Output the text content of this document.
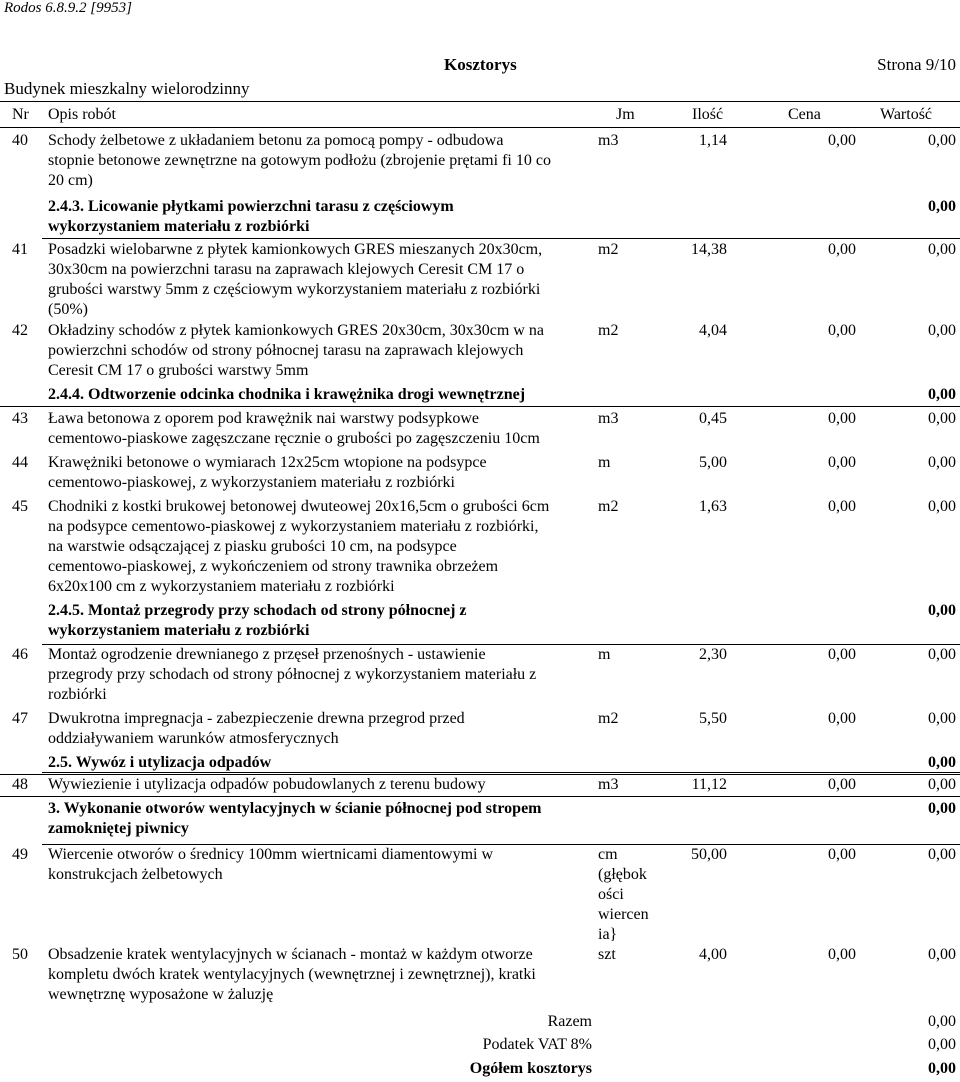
Rodos 6.8.9.2 [9953]
Kosztorys	Strona 9/10
Budynek mieszkalny wielorodzinny
Nr Opis robót	Jm	Ilość	Cena	Wartość
40	Schody żelbetowe z układaniem betonu za pomocą pompy - odbudowa
stopnie betonowe zewnętrzne na gotowym podłożu (zbrojenie prętami fi 10 co
20 cm)
m3	1,14	0,00	0,00
2.4.3. Licowanie płytkami powierzchni tarasu z częściowym
wykorzystaniem materiału z rozbiórki
0,00
41	Posadzki wielobarwne z płytek kamionkowych GRES mieszanych 20x30cm,
30x30cm na powierzchni tarasu na zaprawach klejowych Ceresit CM 17 o
grubości warstwy 5mm z częściowym wykorzystaniem materiału z rozbiórki
(50%)
m2	14,38	0,00	0,00
42	Okładziny schodów z płytek kamionkowych GRES 20x30cm, 30x30cm w na
powierzchni schodów od strony północnej tarasu na zaprawach klejowych
Ceresit CM 17 o grubości warstwy 5mm
m2	4,04	0,00	0,00
2.4.4. Odtworzenie odcinka chodnika i krawężnika drogi wewnętrznej	0,00
43	Ława betonowa z oporem pod krawężnik nai warstwy podsypkowe
cementowo-piaskowe zagęszczane ręcznie o grubości po zagęszczeniu 10cm
m3	0,45	0,00	0,00
44	Krawężniki betonowe o wymiarach 12x25cm wtopione na podsypce
cementowo-piaskowej, z wykorzystaniem materiału z rozbiórki
m	5,00	0,00	0,00
45	Chodniki z kostki brukowej betonowej dwuteowej 20x16,5cm o grubości 6cm
na podsypce cementowo-piaskowej z wykorzystaniem materiału z rozbiórki,
na warstwie odsączającej z piasku grubości 10 cm, na podsypce
cementowo-piaskowej, z wykończeniem od strony trawnika obrzeżem
6x20x100 cm z wykorzystaniem materiału z rozbiórki
m2	1,63	0,00	0,00
2.4.5. Montaż przegrody przy schodach od strony północnej z
wykorzystaniem materiału z rozbiórki
0,00
46	Montaż ogrodzenie drewnianego z przęseł przenośnych - ustawienie
przegrody przy schodach od strony północnej z wykorzystaniem materiału z
rozbiórki
m	2,30	0,00	0,00
47	Dwukrotna impregnacja - zabezpieczenie drewna przegrod przed
oddziaływaniem warunków atmosferycznych
m2	5,50	0,00	0,00
2.5. Wywóz i utylizacja odpadów	0,00
48	Wywiezienie i utylizacja odpadów pobudowlanych z terenu budowy	m3	11,12	0,00	0,00
3. Wykonanie otworów wentylacyjnych w ścianie północnej pod stropem
zamokniętej piwnicy
0,00
49	Wiercenie otworów o średnicy 100mm wiertnicami diamentowymi w
konstrukcjach żelbetowych
cm
(głębok
ości
wiercen
ia}
50,00	0,00	0,00
50	Obsadzenie kratek wentylacyjnych w ścianach - montaż w każdym otworze
kompletu dwóch kratek wentylacyjnych (wewnętrznej i zewnętrznej), kratki
wewnętrznę wyposażone w żaluzję
szt	4,00	0,00	0,00
Razem	0,00
Podatek VAT 8%	0,00
Ogółem kosztorys	0,00
